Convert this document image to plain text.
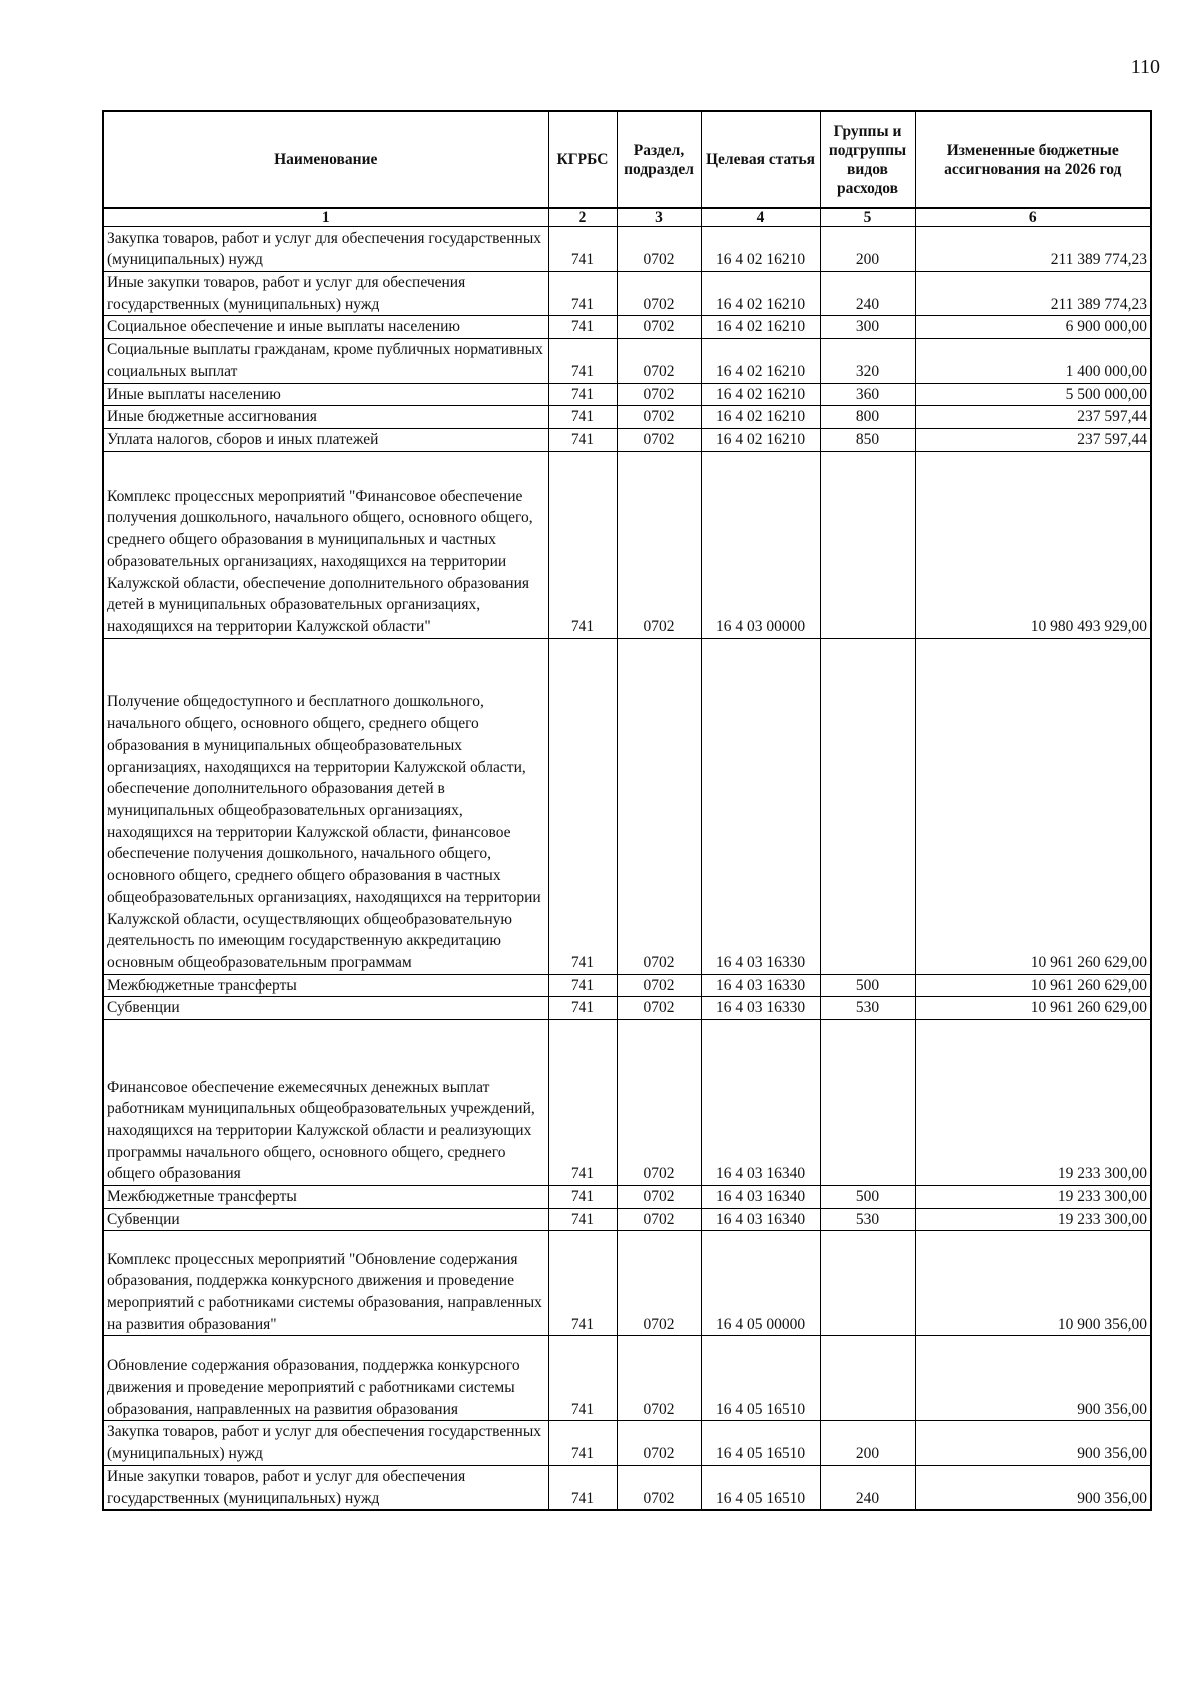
110
Наименование	КГРБС	Раздел, подраздел	Целевая статья	Группы и подгруппы видов расходов	Измененные бюджетные ассигнования на 2026 год
1	2	3	4	5	6
Закупка товаров, работ и услуг для обеспечения государственных (муниципальных) нужд	741	0702	16 4 02 16210	200	211 389 774,23
Иные закупки товаров, работ и услуг для обеспечения государственных (муниципальных) нужд	741	0702	16 4 02 16210	240	211 389 774,23
Социальное обеспечение и иные выплаты населению	741	0702	16 4 02 16210	300	6 900 000,00
Социальные выплаты гражданам, кроме публичных нормативных социальных выплат	741	0702	16 4 02 16210	320	1 400 000,00
Иные выплаты населению	741	0702	16 4 02 16210	360	5 500 000,00
Иные бюджетные ассигнования	741	0702	16 4 02 16210	800	237 597,44
Уплата налогов, сборов и иных платежей	741	0702	16 4 02 16210	850	237 597,44
Комплекс процессных мероприятий "Финансовое обеспечение получения дошкольного, начального общего, основного общего, среднего общего образования в муниципальных и частных образовательных организациях, находящихся на территории Калужской области, обеспечение дополнительного образования детей в муниципальных образовательных организациях, находящихся на территории Калужской области"	741	0702	16 4 03 00000		10 980 493 929,00
Получение общедоступного и бесплатного дошкольного, начального общего, основного общего, среднего общего образования в муниципальных общеобразовательных организациях, находящихся на территории Калужской области, обеспечение дополнительного образования детей в муниципальных общеобразовательных организациях, находящихся на территории Калужской области, финансовое обеспечение получения дошкольного, начального общего, основного общего, среднего общего образования в частных общеобразовательных организациях, находящихся на территории Калужской области, осуществляющих общеобразовательную деятельность по имеющим государственную аккредитацию основным общеобразовательным программам	741	0702	16 4 03 16330		10 961 260 629,00
Межбюджетные трансферты	741	0702	16 4 03 16330	500	10 961 260 629,00
Субвенции	741	0702	16 4 03 16330	530	10 961 260 629,00
Финансовое обеспечение ежемесячных денежных выплат работникам муниципальных общеобразовательных учреждений, находящихся на территории Калужской области и реализующих программы начального общего, основного общего, среднего общего образования	741	0702	16 4 03 16340		19 233 300,00
Межбюджетные трансферты	741	0702	16 4 03 16340	500	19 233 300,00
Субвенции	741	0702	16 4 03 16340	530	19 233 300,00
Комплекс процессных мероприятий "Обновление содержания образования, поддержка конкурсного движения и проведение мероприятий с работниками системы образования, направленных на развития образования"	741	0702	16 4 05 00000		10 900 356,00
Обновление содержания образования, поддержка конкурсного движения и проведение мероприятий с работниками системы образования, направленных на развития образования	741	0702	16 4 05 16510		900 356,00
Закупка товаров, работ и услуг для обеспечения государственных (муниципальных) нужд	741	0702	16 4 05 16510	200	900 356,00
Иные закупки товаров, работ и услуг для обеспечения государственных (муниципальных) нужд	741	0702	16 4 05 16510	240	900 356,00
